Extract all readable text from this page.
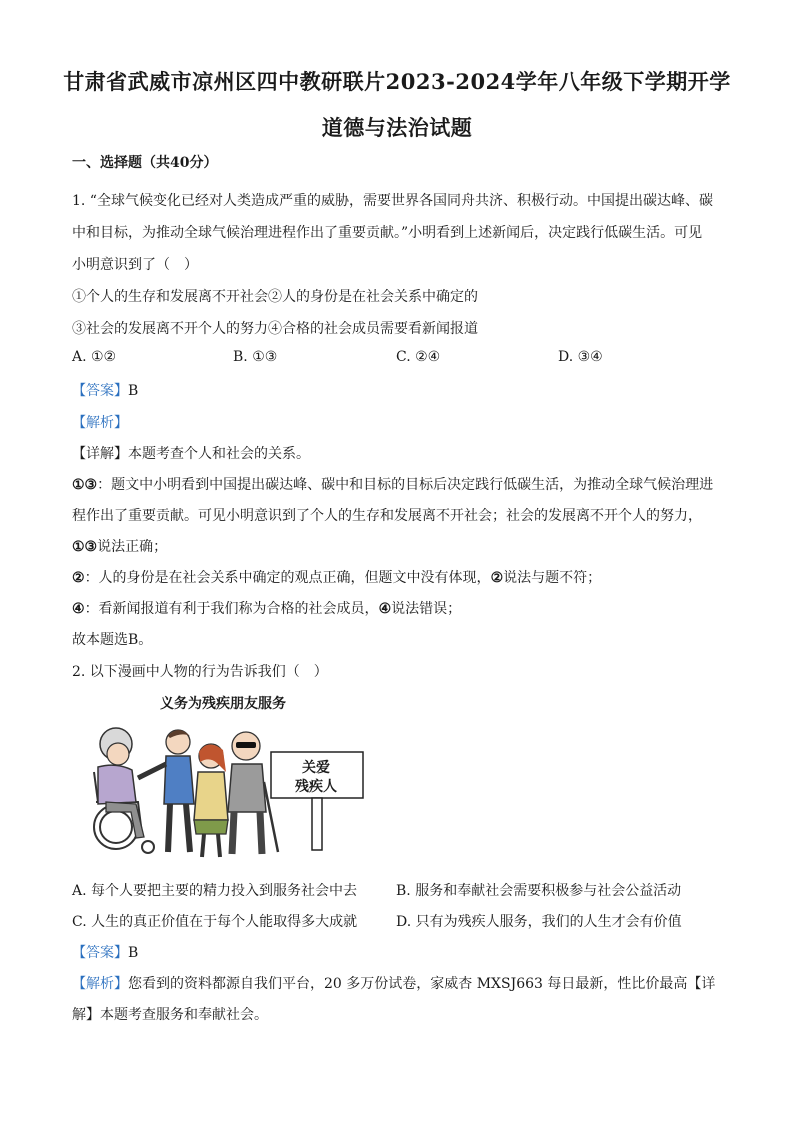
甘肃省武威市凉州区四中教研联片2023-2024学年八年级下学期开学
道德与法治试题
一、选择题（共40分）
1. “全球气候变化已经对人类造成严重的威胁，需要世界各国同舟共济、积极行动。中国提出碳达峰、碳
中和目标，为推动全球气候治理进程作出了重要贡献。”小明看到上述新闻后，决定践行低碳生活。可见
小明意识到了（　）
①个人的生存和发展离不开社会②人的身份是在社会关系中确定的
③社会的发展离不开个人的努力④合格的社会成员需要看新闻报道
A. ①②	B. ①③	C. ②④	D. ③④
【答案】B
【解析】
【详解】本题考查个人和社会的关系。
①③：题文中小明看到中国提出碳达峰、碳中和目标的目标后决定践行低碳生活，为推动全球气候治理进
程作出了重要贡献。可见小明意识到了个人的生存和发展离不开社会；社会的发展离不开个人的努力，
①③说法正确；
②：人的身份是在社会关系中确定的观点正确，但题文中没有体现，②说法与题不符；
④：看新闻报道有利于我们称为合格的社会成员，④说法错误；
故本题选B。
2. 以下漫画中人物的行为告诉我们（　）
义务为残疾朋友服务
关爱
残疾人
A. 每个人要把主要的精力投入到服务社会中去	B. 服务和奉献社会需要积极参与社会公益活动
C. 人生的真正价值在于每个人能取得多大成就	D. 只有为残疾人服务，我们的人生才会有价值
【答案】B
【解析】您看到的资料都源自我们平台，20 多万份试卷，家威杏 MXSJ663 每日最新，性比价最高【详
解】本题考查服务和奉献社会。
